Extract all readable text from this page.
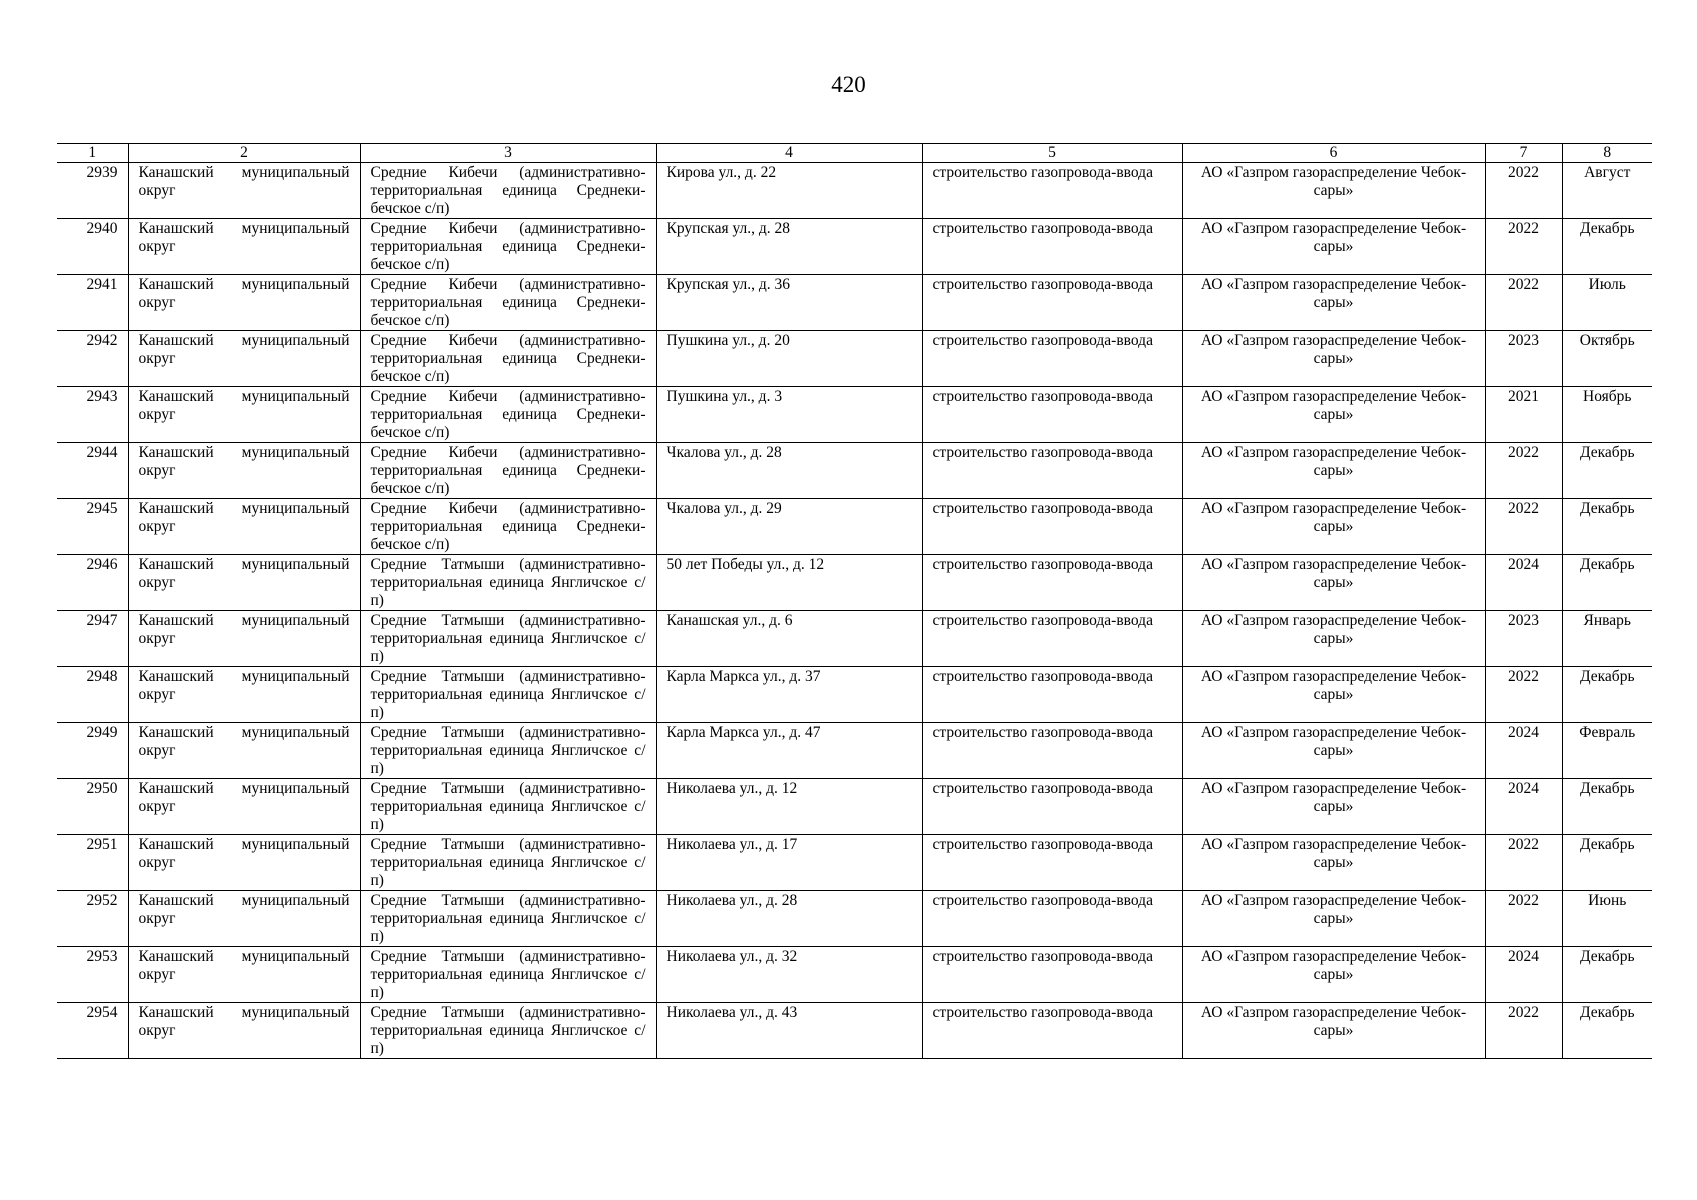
420
1	2	3	4	5	6	7	8
2939	Канашский муниципальный округ	Средние Кибечи (административно-территориальная единица Среднеки-бечское с/п)	Кирова ул., д. 22	строительство газопровода-ввода	АО «Газпром газораспределение Чебок-сары»	2022	Август
2940	Канашский муниципальный округ	Средние Кибечи (административно-территориальная единица Среднеки-бечское с/п)	Крупская ул., д. 28	строительство газопровода-ввода	АО «Газпром газораспределение Чебок-сары»	2022	Декабрь
2941	Канашский муниципальный округ	Средние Кибечи (административно-территориальная единица Среднеки-бечское с/п)	Крупская ул., д. 36	строительство газопровода-ввода	АО «Газпром газораспределение Чебок-сары»	2022	Июль
2942	Канашский муниципальный округ	Средние Кибечи (административно-территориальная единица Среднеки-бечское с/п)	Пушкина ул., д. 20	строительство газопровода-ввода	АО «Газпром газораспределение Чебок-сары»	2023	Октябрь
2943	Канашский муниципальный округ	Средние Кибечи (административно-территориальная единица Среднеки-бечское с/п)	Пушкина ул., д. 3	строительство газопровода-ввода	АО «Газпром газораспределение Чебок-сары»	2021	Ноябрь
2944	Канашский муниципальный округ	Средние Кибечи (административно-территориальная единица Среднеки-бечское с/п)	Чкалова ул., д. 28	строительство газопровода-ввода	АО «Газпром газораспределение Чебок-сары»	2022	Декабрь
2945	Канашский муниципальный округ	Средние Кибечи (административно-территориальная единица Среднеки-бечское с/п)	Чкалова ул., д. 29	строительство газопровода-ввода	АО «Газпром газораспределение Чебок-сары»	2022	Декабрь
2946	Канашский муниципальный округ	Средние Татмыши (административно-территориальная единица Янгличское с/п)	50 лет Победы ул., д. 12	строительство газопровода-ввода	АО «Газпром газораспределение Чебок-сары»	2024	Декабрь
2947	Канашский муниципальный округ	Средние Татмыши (административно-территориальная единица Янгличское с/п)	Канашская ул., д. 6	строительство газопровода-ввода	АО «Газпром газораспределение Чебок-сары»	2023	Январь
2948	Канашский муниципальный округ	Средние Татмыши (административно-территориальная единица Янгличское с/п)	Карла Маркса ул., д. 37	строительство газопровода-ввода	АО «Газпром газораспределение Чебок-сары»	2022	Декабрь
2949	Канашский муниципальный округ	Средние Татмыши (административно-территориальная единица Янгличское с/п)	Карла Маркса ул., д. 47	строительство газопровода-ввода	АО «Газпром газораспределение Чебок-сары»	2024	Февраль
2950	Канашский муниципальный округ	Средние Татмыши (административно-территориальная единица Янгличское с/п)	Николаева ул., д. 12	строительство газопровода-ввода	АО «Газпром газораспределение Чебок-сары»	2024	Декабрь
2951	Канашский муниципальный округ	Средние Татмыши (административно-территориальная единица Янгличское с/п)	Николаева ул., д. 17	строительство газопровода-ввода	АО «Газпром газораспределение Чебок-сары»	2022	Декабрь
2952	Канашский муниципальный округ	Средние Татмыши (административно-территориальная единица Янгличское с/п)	Николаева ул., д. 28	строительство газопровода-ввода	АО «Газпром газораспределение Чебок-сары»	2022	Июнь
2953	Канашский муниципальный округ	Средние Татмыши (административно-территориальная единица Янгличское с/п)	Николаева ул., д. 32	строительство газопровода-ввода	АО «Газпром газораспределение Чебок-сары»	2024	Декабрь
2954	Канашский муниципальный округ	Средние Татмыши (административно-территориальная единица Янгличское с/п)	Николаева ул., д. 43	строительство газопровода-ввода	АО «Газпром газораспределение Чебок-сары»	2022	Декабрь
